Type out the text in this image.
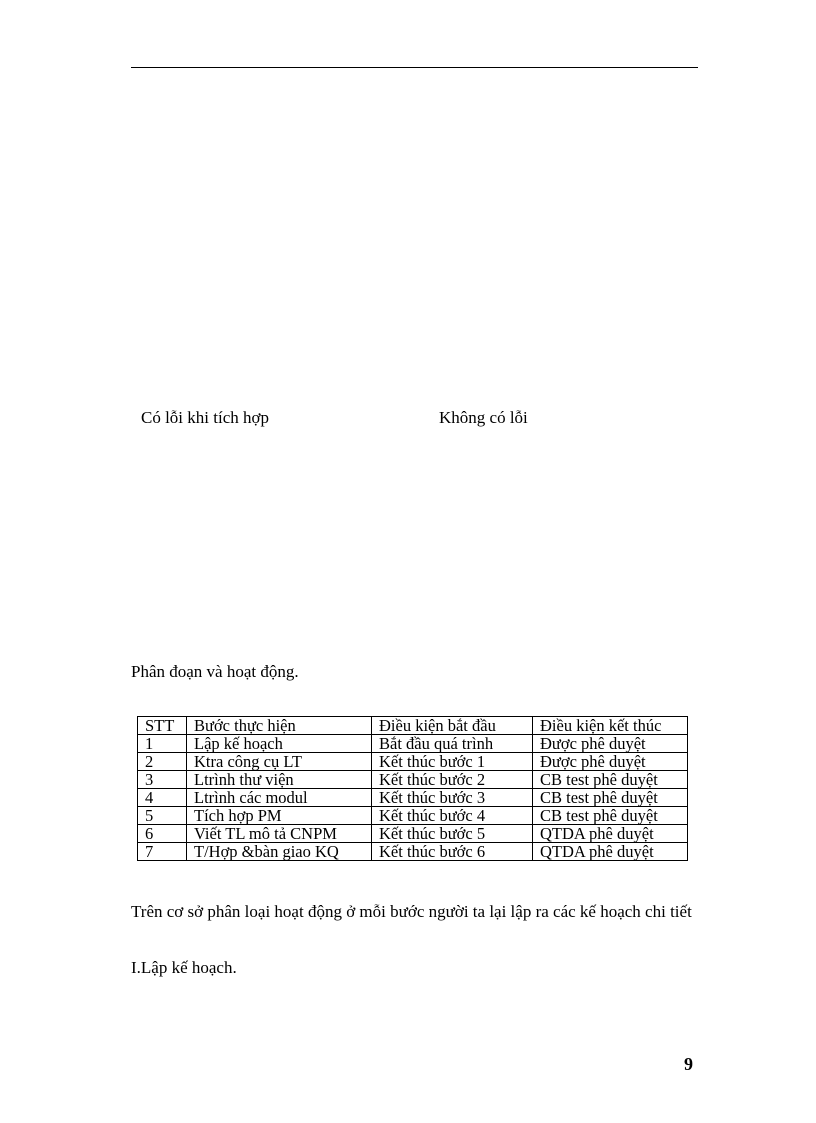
Có lỗi khi tích hợp	Không có lỗi
Phân đoạn và hoạt động.
STT	Bước thực hiện	Điều kiện bắt đầu	Điều kiện kết thúc
1	Lập kế hoạch	Bắt đầu quá trình	Được phê duyệt
2	Ktra công cụ LT	Kết thúc bước 1	Được phê duyệt
3	Ltrình thư viện	Kết thúc bước 2	CB test phê duyệt
4	Ltrình các modul	Kết thúc bước 3	CB test phê duyệt
5	Tích hợp PM	Kết thúc bước 4	CB test phê duyệt
6	Viết TL mô tả CNPM	Kết thúc bước 5	QTDA phê duyệt
7	T/Hợp &bàn giao KQ	Kết thúc bước 6	QTDA phê duyệt
Trên cơ sở phân loại hoạt động ở mỗi bước người ta lại lập ra các kế hoạch chi tiết
I.Lập kế hoạch.
9
